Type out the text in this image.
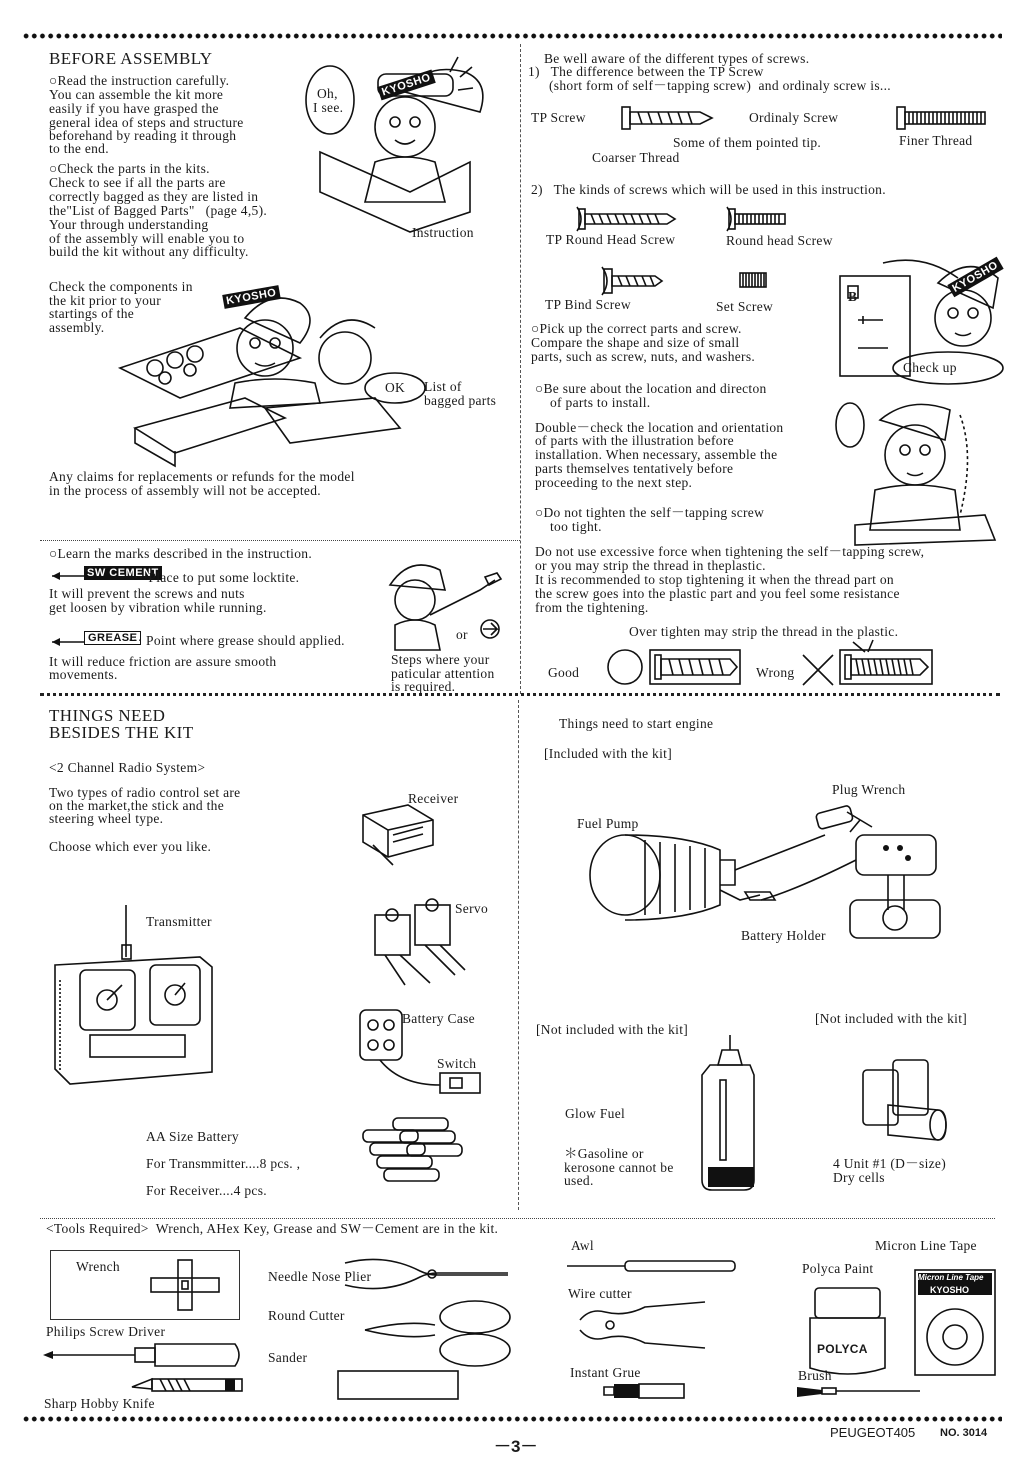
BEFORE ASSEMBLY
○Read the instruction carefully.
You can assemble the kit more
easily if you have grasped the
general idea of steps and structure
beforehand by reading it through
to the end.
○Check the parts in the kits.
Check to see if all the parts are
correctly bagged as they are listed in
the"List of Bagged Parts"   (page 4,5).
Your through understanding
of the assembly will enable you to
build the kit without any difficulty.
Oh,
I see.
KYOSHO
Instruction
Check the components in
the kit prior to your
startings of the
assembly.
KYOSHO
OK List of
bagged parts
Any claims for replacements or refunds for the model
in the process of assembly will not be accepted.
○Learn the marks described in the instruction.
SW CEMENT
···Place to put some locktite.
It will prevent the screws and nuts
get loosen by vibration while running.
GREASE
··· Point where grease should applied.
It will reduce friction are assure smooth
movements.
or
Steps where your
paticular attention
is required.
Be well aware of the different types of screws.
1)   The difference between the TP Screw
(short form of self－tapping screw)  and ordinaly screw is...
TP Screw	Ordinaly Screw
Some of them pointed tip.	Finer Thread
Coarser Thread
2)   The kinds of screws which will be used in this instruction.
TP Round Head Screw	Round head Screw
TP Bind Screw	Set Screw
○Pick up the correct parts and screw.
Compare the shape and size of small
parts, such as screw, nuts, and washers.
B
KYOSHO
Check up
○Be sure about the location and directon
of parts to install.
Double－check the location and orientation
of parts with the illustration before
installation. When necessary, assemble the
parts themselves tentatively before
proceeding to the next step.
○Do not tighten the self－tapping screw
too tight.
Do not use excessive force when tightening the self－tapping screw,
or you may strip the thread in theplastic.
It is recommended to stop tightening it when the thread part on
the screw goes into the plastic part and you feel some resistance
from the tightening.
Over tighten may strip the thread in the plastic.
Good	Wrong
THINGS NEED
BESIDES THE KIT
<2 Channel Radio System>
Two types of radio control set are
on the market,the stick and the
steering wheel type.
Choose which ever you like.
Receiver
Transmitter
Servo
Battery Case
Switch
AA Size Battery
For Transmmitter....8 pcs. ,
For Receiver....4 pcs.
Things need to start engine
[Included with the kit]
Plug Wrench
Fuel Pump
Battery Holder
[Not included with the kit]
[Not included with the kit]
Glow Fuel
＊Gasoline or
kerosone cannot be
used.
4 Unit #1 (D－size)
Dry cells
<Tools Required>  Wrench, AHex Key, Grease and SW－Cement are in the kit.
Awl	Micron Line Tape
Wrench
Needle Nose Plier
Polyca Paint
POLYCA
Micron Line Tape
KYOSHO
Wire cutter
Round Cutter
Philips Screw Driver
Sander
Instant Grue	Brush
Sharp Hobby Knife
－3－
PEUGEOT405 NO. 3014
